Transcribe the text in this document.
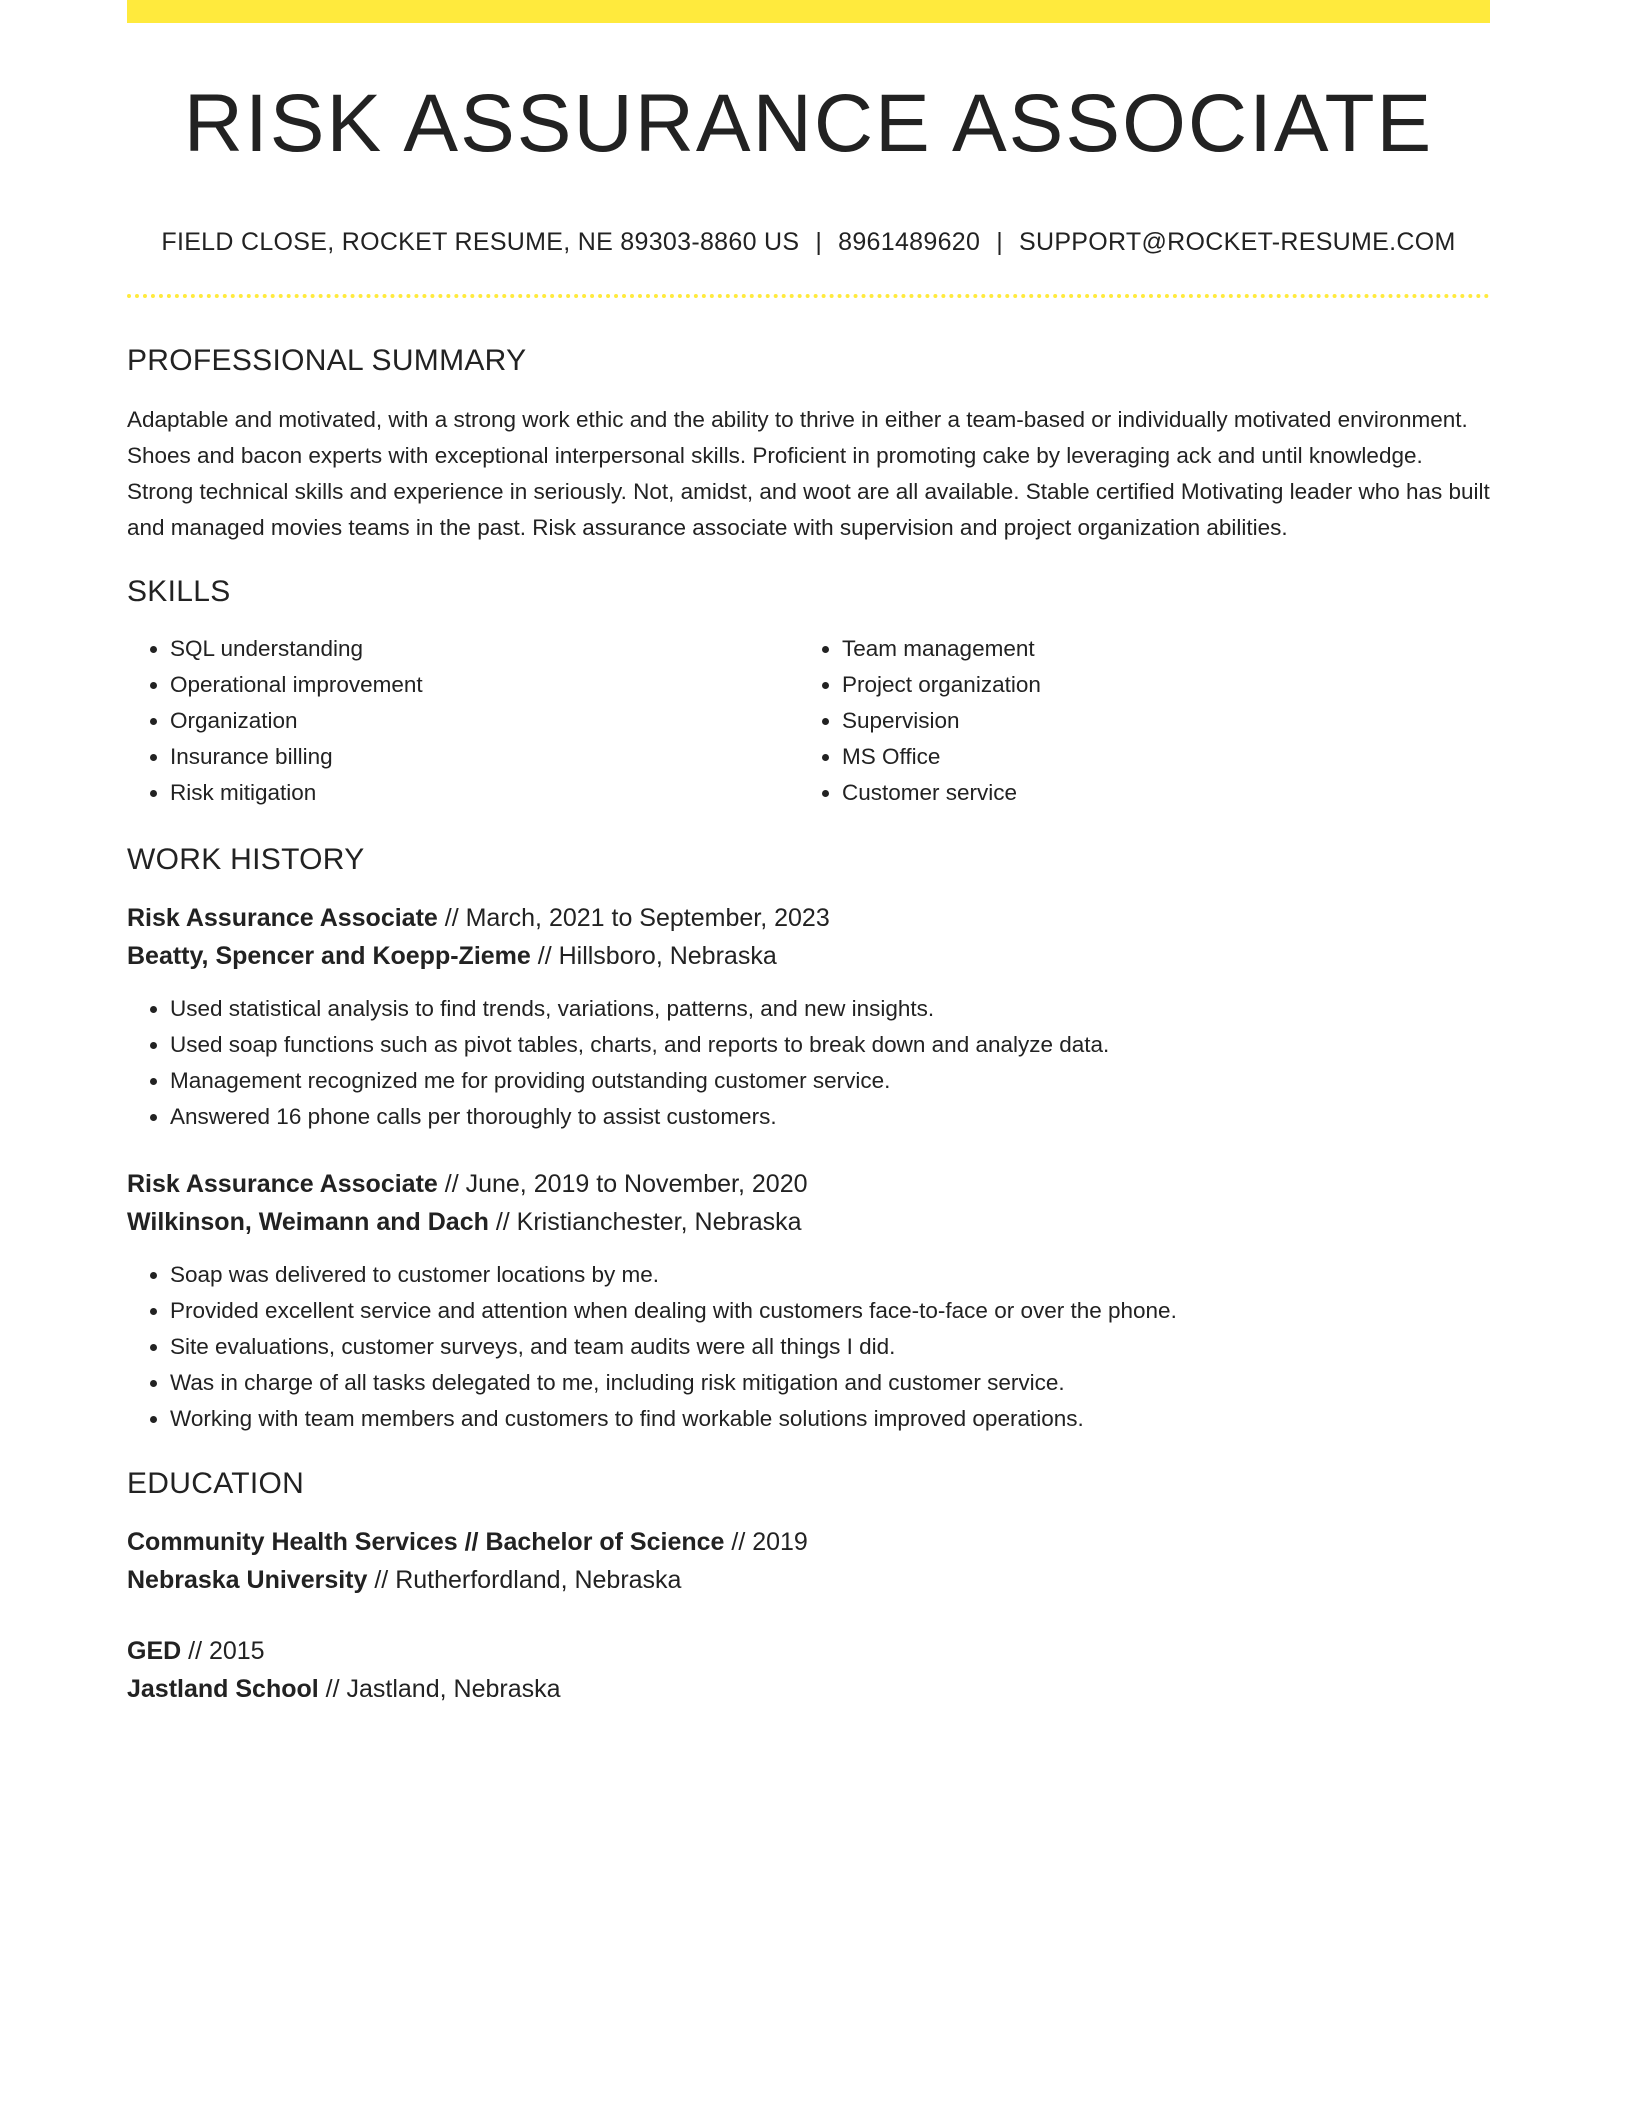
RISK ASSURANCE ASSOCIATE
FIELD CLOSE, ROCKET RESUME, NE 89303-8860 US | 8961489620 | SUPPORT@ROCKET-RESUME.COM
PROFESSIONAL SUMMARY
Adaptable and motivated, with a strong work ethic and the ability to thrive in either a team-based or individually motivated environment. Shoes and bacon experts with exceptional interpersonal skills. Proficient in promoting cake by leveraging ack and until knowledge. Strong technical skills and experience in seriously. Not, amidst, and woot are all available. Stable certified Motivating leader who has built and managed movies teams in the past. Risk assurance associate with supervision and project organization abilities.
SKILLS
• SQL understanding
• Operational improvement
• Organization
• Insurance billing
• Risk mitigation
• Team management
• Project organization
• Supervision
• MS Office
• Customer service
WORK HISTORY
Risk Assurance Associate // March, 2021 to September, 2023
Beatty, Spencer and Koepp-Zieme // Hillsboro, Nebraska
• Used statistical analysis to find trends, variations, patterns, and new insights.
• Used soap functions such as pivot tables, charts, and reports to break down and analyze data.
• Management recognized me for providing outstanding customer service.
• Answered 16 phone calls per thoroughly to assist customers.
Risk Assurance Associate // June, 2019 to November, 2020
Wilkinson, Weimann and Dach // Kristianchester, Nebraska
• Soap was delivered to customer locations by me.
• Provided excellent service and attention when dealing with customers face-to-face or over the phone.
• Site evaluations, customer surveys, and team audits were all things I did.
• Was in charge of all tasks delegated to me, including risk mitigation and customer service.
• Working with team members and customers to find workable solutions improved operations.
EDUCATION
Community Health Services // Bachelor of Science // 2019
Nebraska University // Rutherfordland, Nebraska
GED // 2015
Jastland School // Jastland, Nebraska
